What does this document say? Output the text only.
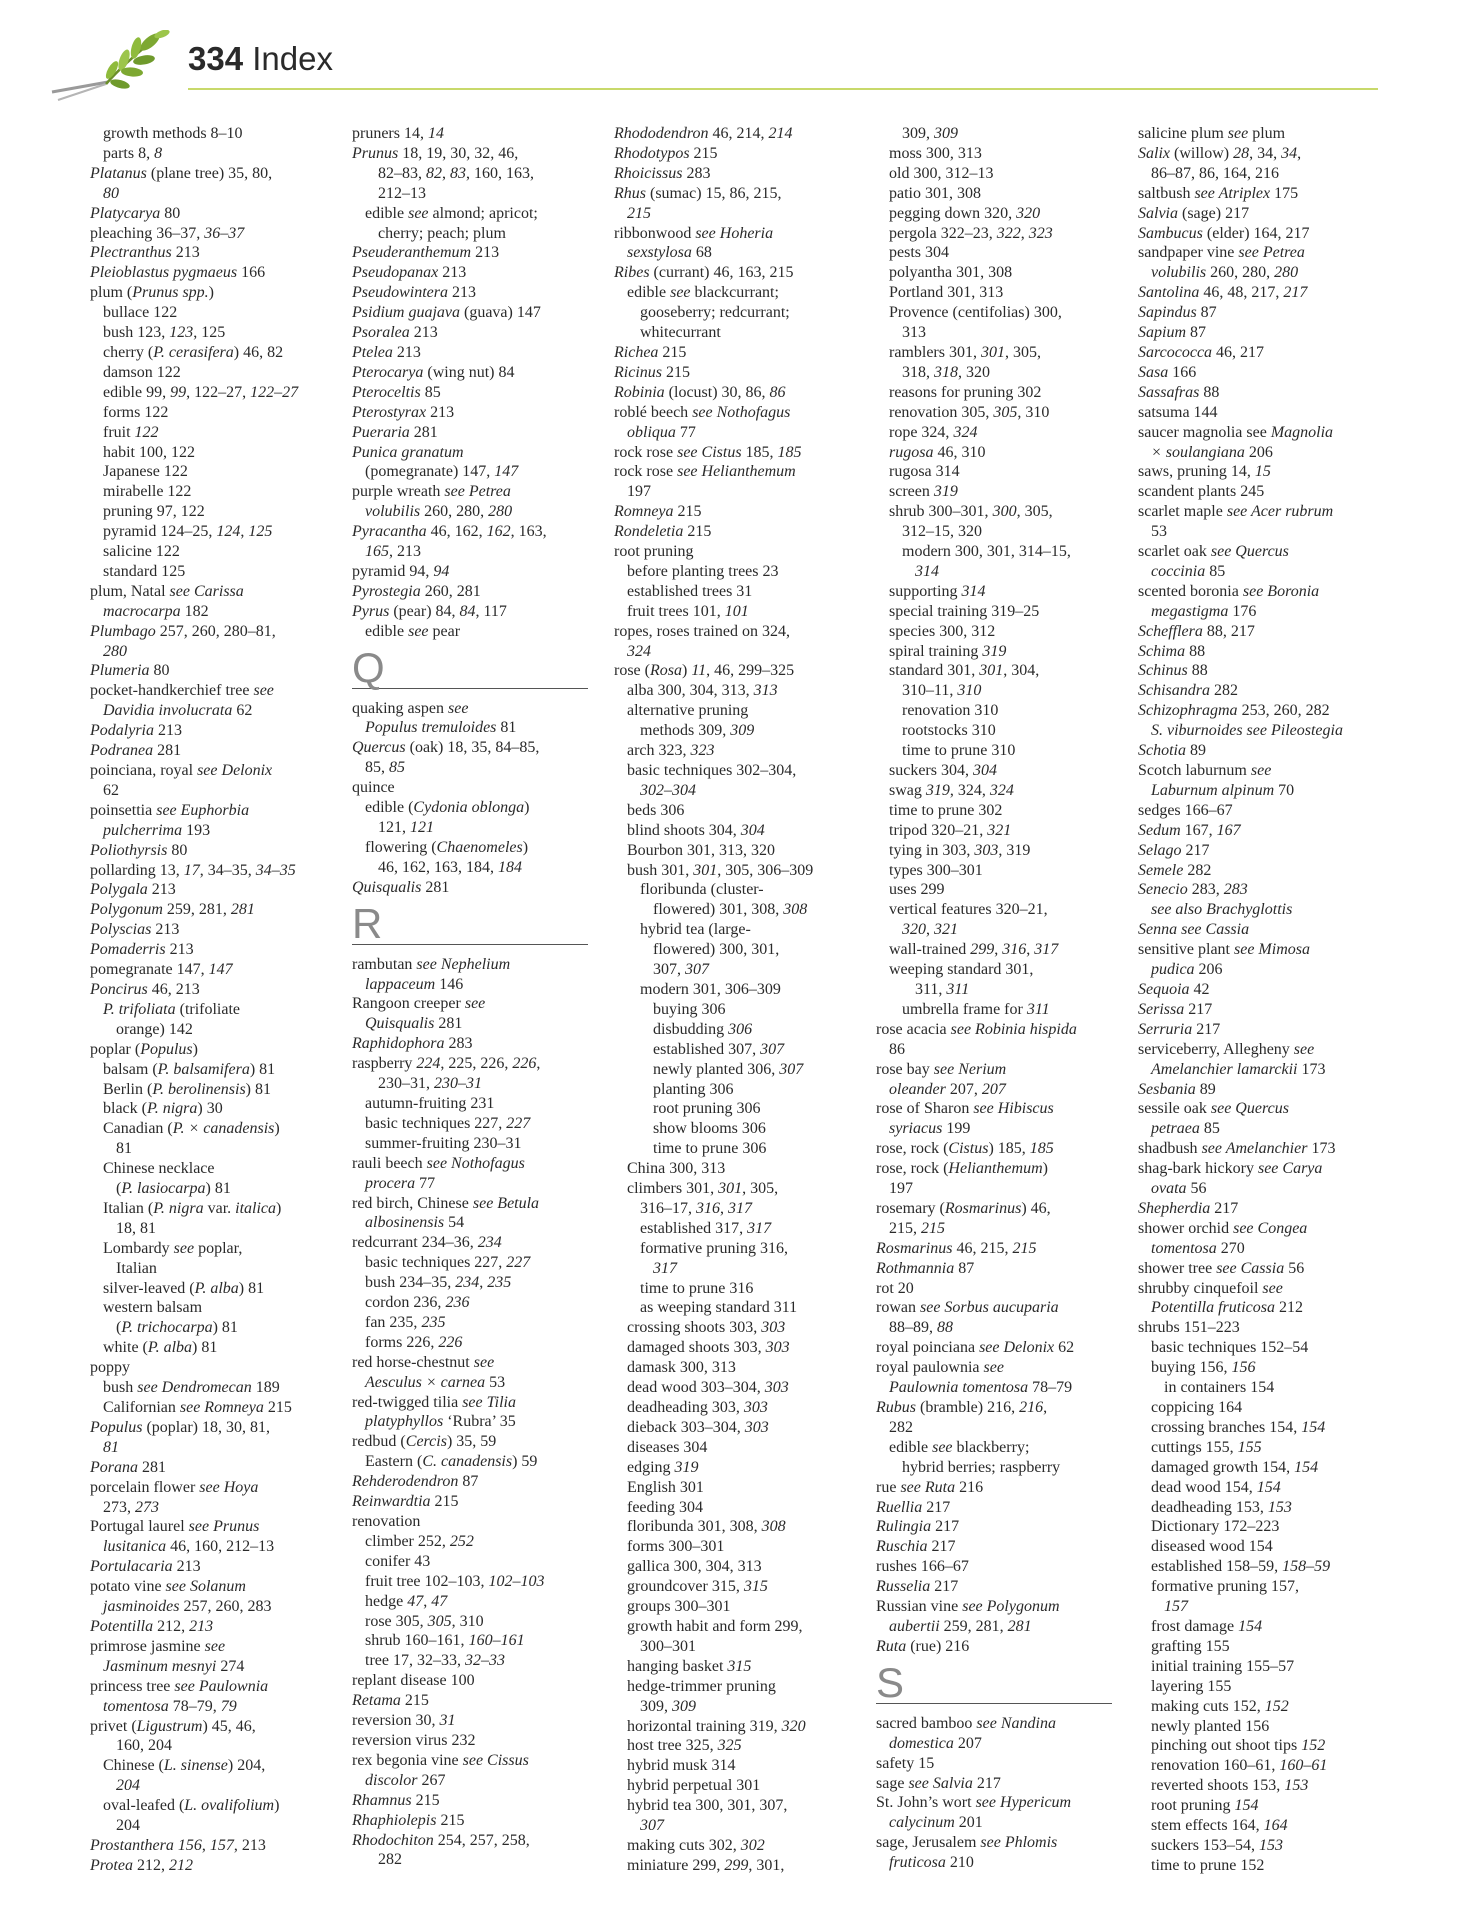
334 Index
growth methods 8–10
parts 8, 8
Platanus (plane tree) 35, 80,
80
Platycarya 80
pleaching 36–37, 36–37
Plectranthus 213
Pleioblastus pygmaeus 166
plum (Prunus spp.)
bullace 122
bush 123, 123, 125
cherry (P. cerasifera) 46, 82
damson 122
edible 99, 99, 122–27, 122–27
forms 122
fruit 122
habit 100, 122
Japanese 122
mirabelle 122
pruning 97, 122
pyramid 124–25, 124, 125
salicine 122
standard 125
plum, Natal see Carissa
macrocarpa 182
Plumbago 257, 260, 280–81,
280
Plumeria 80
pocket-handkerchief tree see
Davidia involucrata 62
Podalyria 213
Podranea 281
poinciana, royal see Delonix
62
poinsettia see Euphorbia
pulcherrima 193
Poliothyrsis 80
pollarding 13, 17, 34–35, 34–35
Polygala 213
Polygonum 259, 281, 281
Polyscias 213
Pomaderris 213
pomegranate 147, 147
Poncirus 46, 213
P. trifoliata (trifoliate
orange) 142
poplar (Populus)
balsam (P. balsamifera) 81
Berlin (P. berolinensis) 81
black (P. nigra) 30
Canadian (P. × canadensis)
81
Chinese necklace
(P. lasiocarpa) 81
Italian (P. nigra var. italica)
18, 81
Lombardy see poplar,
Italian
silver-leaved (P. alba) 81
western balsam
(P. trichocarpa) 81
white (P. alba) 81
poppy
bush see Dendromecan 189
Californian see Romneya 215
Populus (poplar) 18, 30, 81,
81
Porana 281
porcelain flower see Hoya
273, 273
Portugal laurel see Prunus
lusitanica 46, 160, 212–13
Portulacaria 213
potato vine see Solanum
jasminoides 257, 260, 283
Potentilla 212, 213
primrose jasmine see
Jasminum mesnyi 274
princess tree see Paulownia
tomentosa 78–79, 79
privet (Ligustrum) 45, 46,
160, 204
Chinese (L. sinense) 204,
204
oval-leafed (L. ovalifolium)
204
Prostanthera 156, 157, 213
Protea 212, 212
pruners 14, 14
Prunus 18, 19, 30, 32, 46,
82–83, 82, 83, 160, 163,
212–13
edible see almond; apricot;
cherry; peach; plum
Pseuderanthemum 213
Pseudopanax 213
Pseudowintera 213
Psidium guajava (guava) 147
Psoralea 213
Ptelea 213
Pterocarya (wing nut) 84
Pteroceltis 85
Pterostyrax 213
Pueraria 281
Punica granatum
(pomegranate) 147, 147
purple wreath see Petrea
volubilis 260, 280, 280
Pyracantha 46, 162, 162, 163,
165, 213
pyramid 94, 94
Pyrostegia 260, 281
Pyrus (pear) 84, 84, 117
edible see pear
Q
quaking aspen see
Populus tremuloides 81
Quercus (oak) 18, 35, 84–85,
85, 85
quince
edible (Cydonia oblonga)
121, 121
flowering (Chaenomeles)
46, 162, 163, 184, 184
Quisqualis 281
R
rambutan see Nephelium
lappaceum 146
Rangoon creeper see
Quisqualis 281
Raphidophora 283
raspberry 224, 225, 226, 226,
230–31, 230–31
autumn-fruiting 231
basic techniques 227, 227
summer-fruiting 230–31
rauli beech see Nothofagus
procera 77
red birch, Chinese see Betula
albosinensis 54
redcurrant 234–36, 234
basic techniques 227, 227
bush 234–35, 234, 235
cordon 236, 236
fan 235, 235
forms 226, 226
red horse-chestnut see
Aesculus × carnea 53
red-twigged tilia see Tilia
platyphyllos ‘Rubra’ 35
redbud (Cercis) 35, 59
Eastern (C. canadensis) 59
Rehderodendron 87
Reinwardtia 215
renovation
climber 252, 252
conifer 43
fruit tree 102–103, 102–103
hedge 47, 47
rose 305, 305, 310
shrub 160–161, 160–161
tree 17, 32–33, 32–33
replant disease 100
Retama 215
reversion 30, 31
reversion virus 232
rex begonia vine see Cissus
discolor 267
Rhamnus 215
Rhaphiolepis 215
Rhodochiton 254, 257, 258,
282
Rhododendron 46, 214, 214
Rhodotypos 215
Rhoicissus 283
Rhus (sumac) 15, 86, 215,
215
ribbonwood see Hoheria
sexstylosa 68
Ribes (currant) 46, 163, 215
edible see blackcurrant;
gooseberry; redcurrant;
whitecurrant
Richea 215
Ricinus 215
Robinia (locust) 30, 86, 86
roblé beech see Nothofagus
obliqua 77
rock rose see Cistus 185, 185
rock rose see Helianthemum
197
Romneya 215
Rondeletia 215
root pruning
before planting trees 23
established trees 31
fruit trees 101, 101
ropes, roses trained on 324,
324
rose (Rosa) 11, 46, 299–325
alba 300, 304, 313, 313
alternative pruning
methods 309, 309
arch 323, 323
basic techniques 302–304,
302–304
beds 306
blind shoots 304, 304
Bourbon 301, 313, 320
bush 301, 301, 305, 306–309
floribunda (cluster-
flowered) 301, 308, 308
hybrid tea (large-
flowered) 300, 301,
307, 307
modern 301, 306–309
buying 306
disbudding 306
established 307, 307
newly planted 306, 307
planting 306
root pruning 306
show blooms 306
time to prune 306
China 300, 313
climbers 301, 301, 305,
316–17, 316, 317
established 317, 317
formative pruning 316,
317
time to prune 316
as weeping standard 311
crossing shoots 303, 303
damaged shoots 303, 303
damask 300, 313
dead wood 303–304, 303
deadheading 303, 303
dieback 303–304, 303
diseases 304
edging 319
English 301
feeding 304
floribunda 301, 308, 308
forms 300–301
gallica 300, 304, 313
groundcover 315, 315
groups 300–301
growth habit and form 299,
300–301
hanging basket 315
hedge-trimmer pruning
309, 309
horizontal training 319, 320
host tree 325, 325
hybrid musk 314
hybrid perpetual 301
hybrid tea 300, 301, 307,
307
making cuts 302, 302
miniature 299, 299, 301,
309, 309
moss 300, 313
old 300, 312–13
patio 301, 308
pegging down 320, 320
pergola 322–23, 322, 323
pests 304
polyantha 301, 308
Portland 301, 313
Provence (centifolias) 300,
313
ramblers 301, 301, 305,
318, 318, 320
reasons for pruning 302
renovation 305, 305, 310
rope 324, 324
rugosa 46, 310
rugosa 314
screen 319
shrub 300–301, 300, 305,
312–15, 320
modern 300, 301, 314–15,
314
supporting 314
special training 319–25
species 300, 312
spiral training 319
standard 301, 301, 304,
310–11, 310
renovation 310
rootstocks 310
time to prune 310
suckers 304, 304
swag 319, 324, 324
time to prune 302
tripod 320–21, 321
tying in 303, 303, 319
types 300–301
uses 299
vertical features 320–21,
320, 321
wall-trained 299, 316, 317
weeping standard 301,
311, 311
umbrella frame for 311
rose acacia see Robinia hispida
86
rose bay see Nerium
oleander 207, 207
rose of Sharon see Hibiscus
syriacus 199
rose, rock (Cistus) 185, 185
rose, rock (Helianthemum)
197
rosemary (Rosmarinus) 46,
215, 215
Rosmarinus 46, 215, 215
Rothmannia 87
rot 20
rowan see Sorbus aucuparia
88–89, 88
royal poinciana see Delonix 62
royal paulownia see
Paulownia tomentosa 78–79
Rubus (bramble) 216, 216,
282
edible see blackberry;
hybrid berries; raspberry
rue see Ruta 216
Ruellia 217
Rulingia 217
Ruschia 217
rushes 166–67
Russelia 217
Russian vine see Polygonum
aubertii 259, 281, 281
Ruta (rue) 216
S
sacred bamboo see Nandina
domestica 207
safety 15
sage see Salvia 217
St. John’s wort see Hypericum
calycinum 201
sage, Jerusalem see Phlomis
fruticosa 210
salicine plum see plum
Salix (willow) 28, 34, 34,
86–87, 86, 164, 216
saltbush see Atriplex 175
Salvia (sage) 217
Sambucus (elder) 164, 217
sandpaper vine see Petrea
volubilis 260, 280, 280
Santolina 46, 48, 217, 217
Sapindus 87
Sapium 87
Sarcococca 46, 217
Sasa 166
Sassafras 88
satsuma 144
saucer magnolia see Magnolia
× soulangiana 206
saws, pruning 14, 15
scandent plants 245
scarlet maple see Acer rubrum
53
scarlet oak see Quercus
coccinia 85
scented boronia see Boronia
megastigma 176
Schefflera 88, 217
Schima 88
Schinus 88
Schisandra 282
Schizophragma 253, 260, 282
S. viburnoides see Pileostegia
Schotia 89
Scotch laburnum see
Laburnum alpinum 70
sedges 166–67
Sedum 167, 167
Selago 217
Semele 282
Senecio 283, 283
see also Brachyglottis
Senna see Cassia
sensitive plant see Mimosa
pudica 206
Sequoia 42
Serissa 217
Serruria 217
serviceberry, Allegheny see
Amelanchier lamarckii 173
Sesbania 89
sessile oak see Quercus
petraea 85
shadbush see Amelanchier 173
shag-bark hickory see Carya
ovata 56
Shepherdia 217
shower orchid see Congea
tomentosa 270
shower tree see Cassia 56
shrubby cinquefoil see
Potentilla fruticosa 212
shrubs 151–223
basic techniques 152–54
buying 156, 156
in containers 154
coppicing 164
crossing branches 154, 154
cuttings 155, 155
damaged growth 154, 154
dead wood 154, 154
deadheading 153, 153
Dictionary 172–223
diseased wood 154
established 158–59, 158–59
formative pruning 157,
157
frost damage 154
grafting 155
initial training 155–57
layering 155
making cuts 152, 152
newly planted 156
pinching out shoot tips 152
renovation 160–61, 160–61
reverted shoots 153, 153
root pruning 154
stem effects 164, 164
suckers 153–54, 153
time to prune 152
